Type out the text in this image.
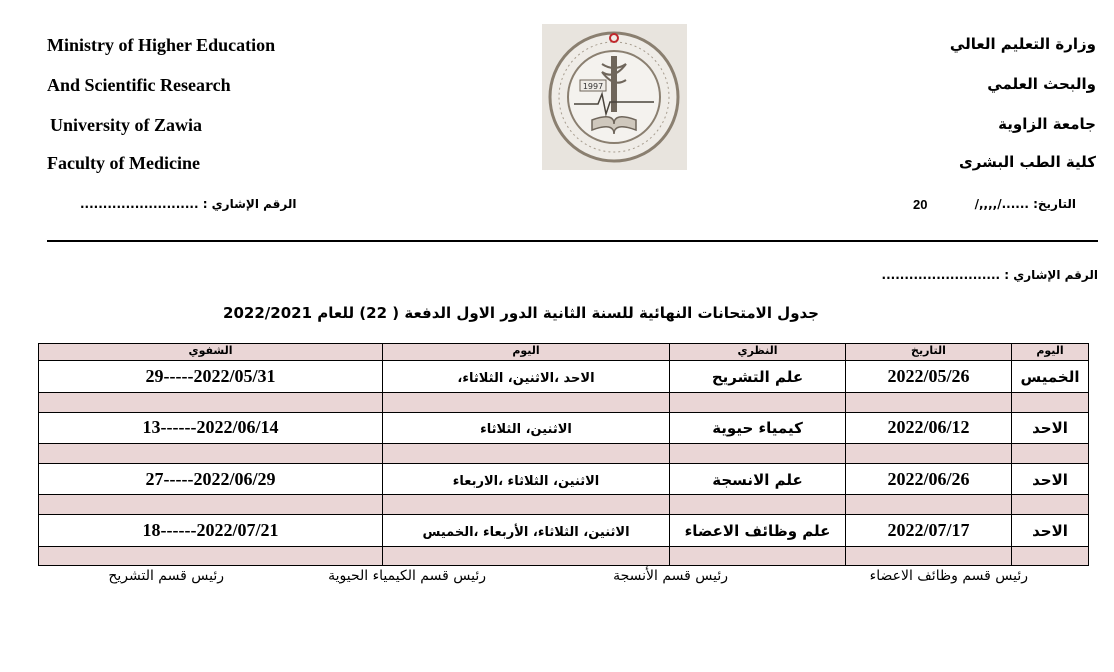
Ministry of Higher Education
And Scientific Research
University of Zawia
Faculty of Medicine
وزارة التعليم العالي
والبحث العلمي
جامعة الزاوية
كلية الطب البشرى
1997
الرقم الإشاري : ..........................	20	التاريخ: ....../,,,,/
الرقم الإشاري : ..........................
جدول الامتحانات النهائية للسنة الثانية الدور الاول الدفعة ( 22) للعام 2022/2021
الشفوي	اليوم	النظري	التاريخ	اليوم
29-----2022/05/31	الاحد ،الاثنين، الثلاثاء،	علم التشريح	2022/05/26	الخميس

13------2022/06/14	الاثنين، الثلاثاء	كيمياء حيوية	2022/06/12	الاحد

27-----2022/06/29	الاثنين، الثلاثاء ،الاربعاء	علم الانسجة	2022/06/26	الاحد

18------2022/07/21	الاثنين، الثلاثاء، الأربعاء ،الخميس	علم وظائف الاعضاء	2022/07/17	الاحد

رئيس قسم وظائف الاعضاء
رئيس قسم الأنسجة
رئيس قسم الكيمياء الحيوية
رئيس قسم التشريح
